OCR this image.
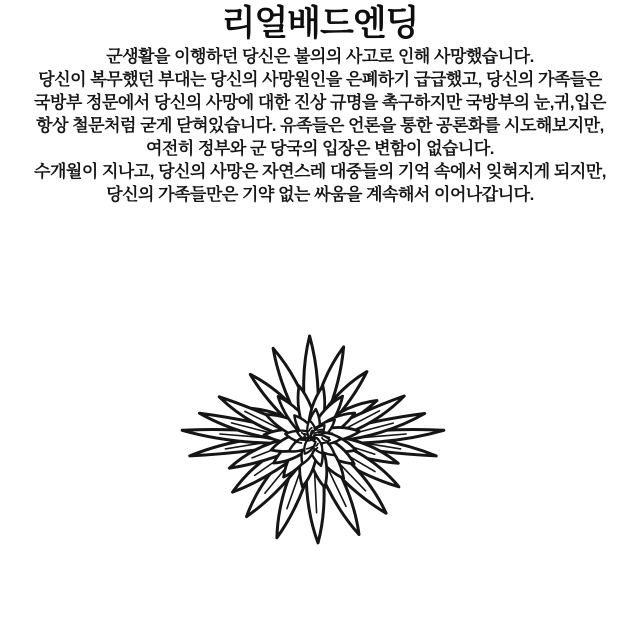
리얼배드엔딩
군생활을 이행하던 당신은 불의의 사고로 인해 사망했습니다.
당신이 복무했던 부대는 당신의 사망원인을 은폐하기 급급했고, 당신의 가족들은
국방부 정문에서 당신의 사망에 대한 진상 규명을 촉구하지만 국방부의 눈,귀,입은
항상 철문처럼 굳게 닫혀있습니다. 유족들은 언론을 통한 공론화를 시도해보지만,
여전히 정부와 군 당국의 입장은 변함이 없습니다.
수개월이 지나고, 당신의 사망은 자연스레 대중들의 기억 속에서 잊혀지게 되지만,
당신의 가족들만은 기약 없는 싸움을 계속해서 이어나갑니다.
